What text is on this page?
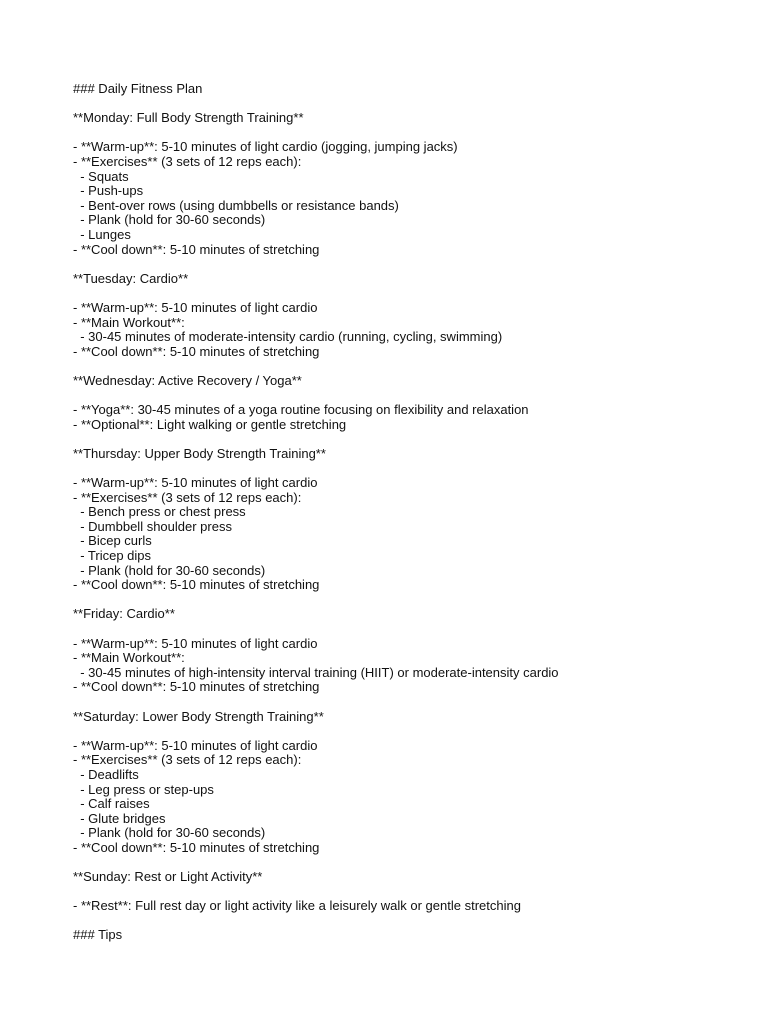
### Daily Fitness Plan
**Monday: Full Body Strength Training**
- **Warm-up**: 5-10 minutes of light cardio (jogging, jumping jacks)
- **Exercises** (3 sets of 12 reps each):
- Squats
- Push-ups
- Bent-over rows (using dumbbells or resistance bands)
- Plank (hold for 30-60 seconds)
- Lunges
- **Cool down**: 5-10 minutes of stretching
**Tuesday: Cardio**
- **Warm-up**: 5-10 minutes of light cardio
- **Main Workout**:
- 30-45 minutes of moderate-intensity cardio (running, cycling, swimming)
- **Cool down**: 5-10 minutes of stretching
**Wednesday: Active Recovery / Yoga**
- **Yoga**: 30-45 minutes of a yoga routine focusing on flexibility and relaxation
- **Optional**: Light walking or gentle stretching
**Thursday: Upper Body Strength Training**
- **Warm-up**: 5-10 minutes of light cardio
- **Exercises** (3 sets of 12 reps each):
- Bench press or chest press
- Dumbbell shoulder press
- Bicep curls
- Tricep dips
- Plank (hold for 30-60 seconds)
- **Cool down**: 5-10 minutes of stretching
**Friday: Cardio**
- **Warm-up**: 5-10 minutes of light cardio
- **Main Workout**:
- 30-45 minutes of high-intensity interval training (HIIT) or moderate-intensity cardio
- **Cool down**: 5-10 minutes of stretching
**Saturday: Lower Body Strength Training**
- **Warm-up**: 5-10 minutes of light cardio
- **Exercises** (3 sets of 12 reps each):
- Deadlifts
- Leg press or step-ups
- Calf raises
- Glute bridges
- Plank (hold for 30-60 seconds)
- **Cool down**: 5-10 minutes of stretching
**Sunday: Rest or Light Activity**
- **Rest**: Full rest day or light activity like a leisurely walk or gentle stretching
### Tips
